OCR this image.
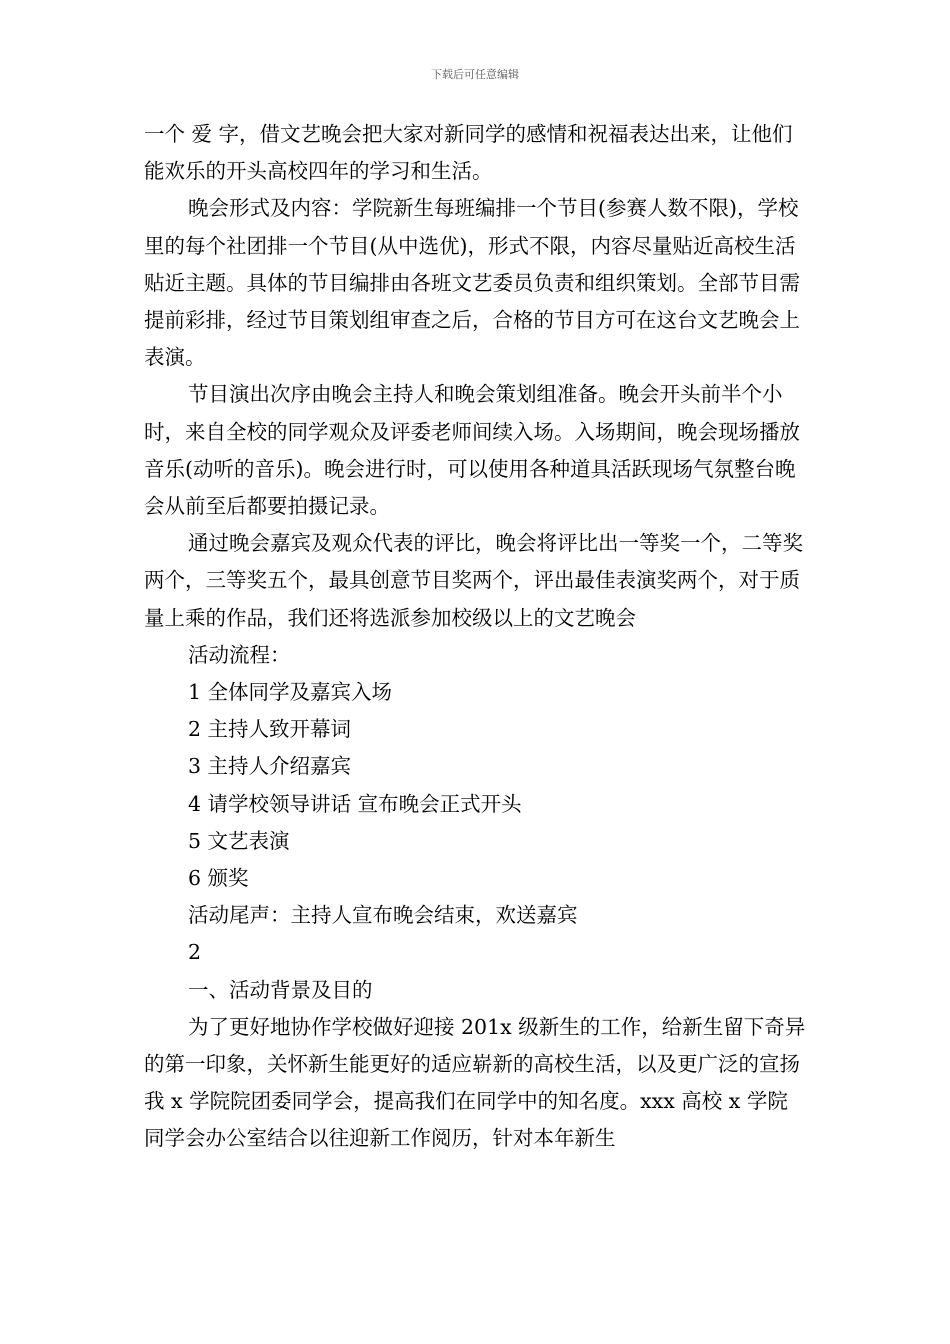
下载后可任意编辑

一个 爱 字，借文艺晚会把大家对新同学的感情和祝福表达出来，让他们能欢乐的开头高校四年的学习和生活。

晚会形式及内容：学院新生每班编排一个节目(参赛人数不限)，学校里的每个社团排一个节目(从中选优)，形式不限，内容尽量贴近高校生活贴近主题。具体的节目编排由各班文艺委员负责和组织策划。全部节目需提前彩排，经过节目策划组审查之后，合格的节目方可在这台文艺晚会上表演。

节目演出次序由晚会主持人和晚会策划组准备。晚会开头前半个小时，来自全校的同学观众及评委老师间续入场。入场期间，晚会现场播放音乐(动听的音乐)。晚会进行时，可以使用各种道具活跃现场气氛整台晚会从前至后都要拍摄记录。

通过晚会嘉宾及观众代表的评比，晚会将评比出一等奖一个，二等奖两个，三等奖五个，最具创意节目奖两个，评出最佳表演奖两个，对于质量上乘的作品，我们还将选派参加校级以上的文艺晚会

活动流程：

1 全体同学及嘉宾入场

2 主持人致开幕词

3 主持人介绍嘉宾

4 请学校领导讲话 宣布晚会正式开头

5 文艺表演

6 颁奖

活动尾声：主持人宣布晚会结束，欢送嘉宾

2

一、活动背景及目的

为了更好地协作学校做好迎接 201x 级新生的工作，给新生留下奇异的第一印象，关怀新生能更好的适应崭新的高校生活，以及更广泛的宣扬我 x 学院院团委同学会，提高我们在同学中的知名度。xxx 高校 x 学院同学会办公室结合以往迎新工作阅历，针对本年新生
